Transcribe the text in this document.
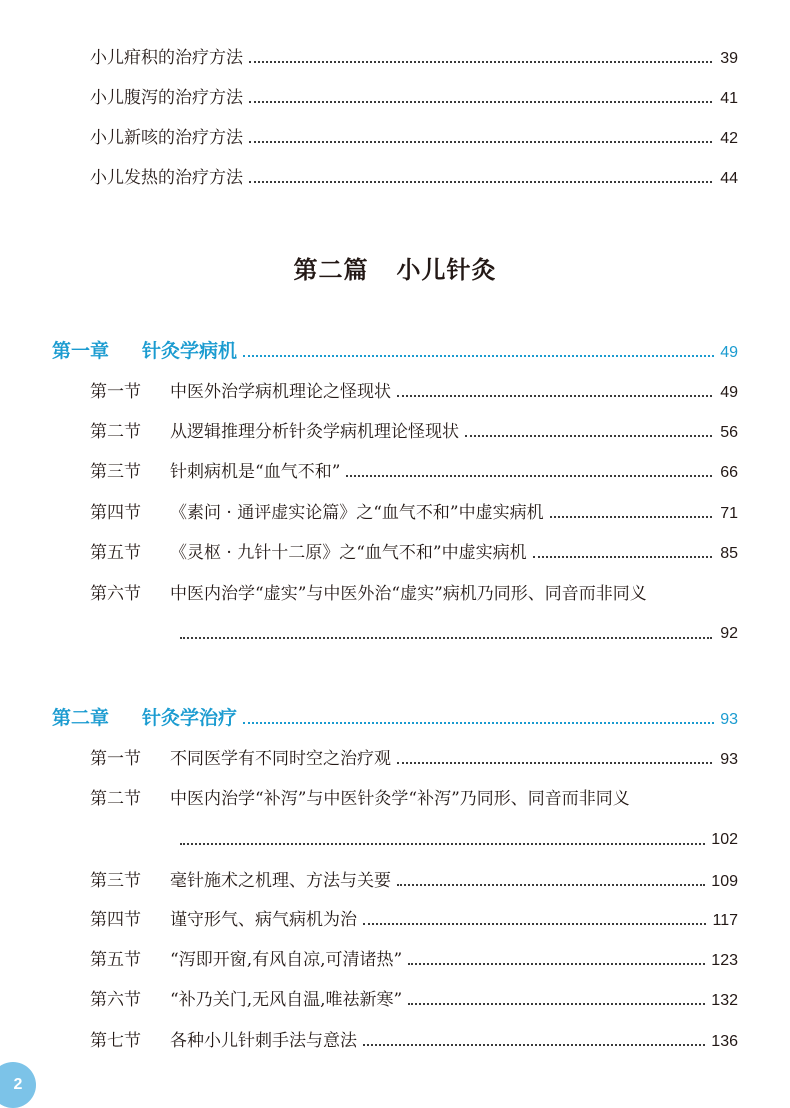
小儿疳积的治疗方法	39
小儿腹泻的治疗方法	41
小儿新咳的治疗方法	42
小儿发热的治疗方法	44
第二篇 小儿针灸
第一章	针灸学病机	49
第一节	中医外治学病机理论之怪现状	49
第二节	从逻辑推理分析针灸学病机理论怪现状	56
第三节	针刺病机是“血气不和”	66
第四节	《素问 · 通评虚实论篇》之“血气不和”中虚实病机	71
第五节	《灵枢 · 九针十二原》之“血气不和”中虚实病机	85
第六节	中医内治学“虚实”与中医外治“虚实”病机乃同形、同音而非同义
92
第二章	针灸学治疗	93
第一节	不同医学有不同时空之治疗观	93
第二节	中医内治学“补泻”与中医针灸学“补泻”乃同形、同音而非同义
102
第三节	毫针施术之机理、方法与关要	109
第四节	谨守形气、病气病机为治	117
第五节	“泻即开窗,有风自凉,可清诸热”	123
第六节	“补乃关门,无风自温,唯祛新寒”	132
第七节	各种小儿针刺手法与意法	136
2
